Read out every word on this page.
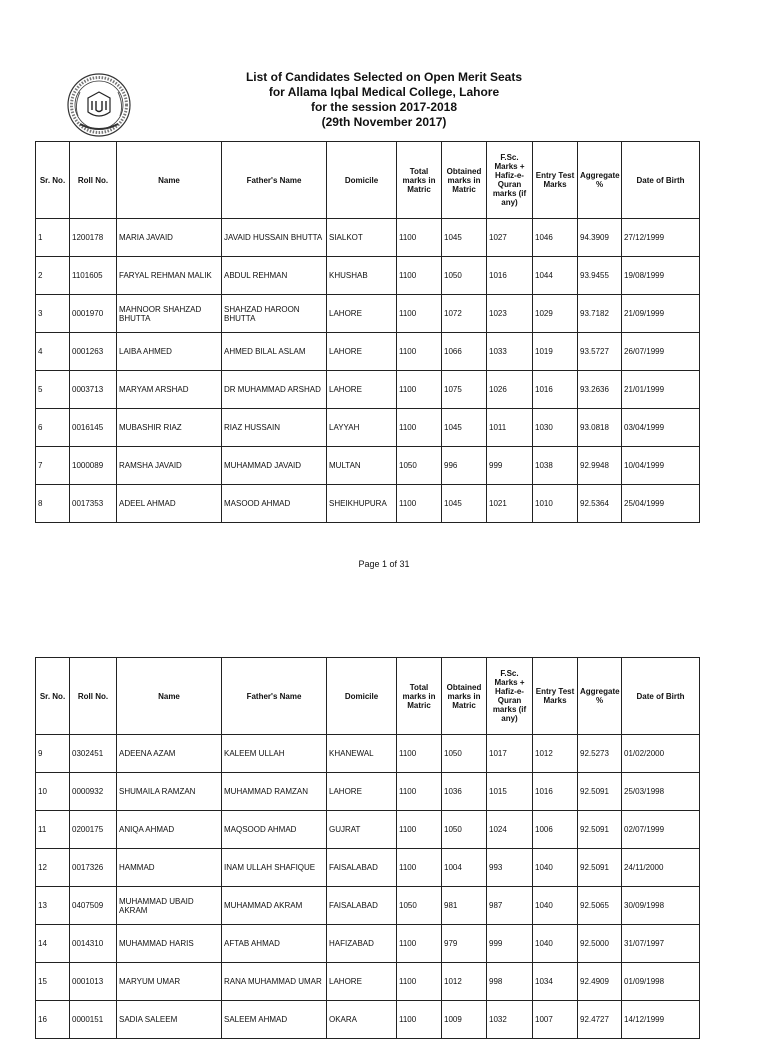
List of Candidates Selected on Open Merit Seats
for Allama Iqbal Medical College, Lahore
for the session 2017-2018
(29th November 2017)
Sr. No.	Roll No.	Name	Father's Name	Domicile	Total marks in Matric	Obtained marks in Matric	F.Sc. Marks + Hafiz-e-Quran marks (if any)	Entry Test Marks	Aggregate %	Date of Birth
1	1200178	MARIA JAVAID	JAVAID HUSSAIN BHUTTA	SIALKOT	1100	1045	1027	1046	94.3909	27/12/1999
2	1101605	FARYAL REHMAN MALIK	ABDUL REHMAN	KHUSHAB	1100	1050	1016	1044	93.9455	19/08/1999
3	0001970	MAHNOOR SHAHZAD BHUTTA	SHAHZAD HAROON BHUTTA	LAHORE	1100	1072	1023	1029	93.7182	21/09/1999
4	0001263	LAIBA AHMED	AHMED BILAL ASLAM	LAHORE	1100	1066	1033	1019	93.5727	26/07/1999
5	0003713	MARYAM ARSHAD	DR MUHAMMAD ARSHAD	LAHORE	1100	1075	1026	1016	93.2636	21/01/1999
6	0016145	MUBASHIR RIAZ	RIAZ HUSSAIN	LAYYAH	1100	1045	1011	1030	93.0818	03/04/1999
7	1000089	RAMSHA JAVAID	MUHAMMAD JAVAID	MULTAN	1050	996	999	1038	92.9948	10/04/1999
8	0017353	ADEEL AHMAD	MASOOD AHMAD	SHEIKHUPURA	1100	1045	1021	1010	92.5364	25/04/1999
Page 1 of 31
Sr. No.	Roll No.	Name	Father's Name	Domicile	Total marks in Matric	Obtained marks in Matric	F.Sc. Marks + Hafiz-e-Quran marks (if any)	Entry Test Marks	Aggregate %	Date of Birth
9	0302451	ADEENA AZAM	KALEEM ULLAH	KHANEWAL	1100	1050	1017	1012	92.5273	01/02/2000
10	0000932	SHUMAILA RAMZAN	MUHAMMAD RAMZAN	LAHORE	1100	1036	1015	1016	92.5091	25/03/1998
11	0200175	ANIQA AHMAD	MAQSOOD AHMAD	GUJRAT	1100	1050	1024	1006	92.5091	02/07/1999
12	0017326	HAMMAD	INAM ULLAH SHAFIQUE	FAISALABAD	1100	1004	993	1040	92.5091	24/11/2000
13	0407509	MUHAMMAD UBAID AKRAM	MUHAMMAD AKRAM	FAISALABAD	1050	981	987	1040	92.5065	30/09/1998
14	0014310	MUHAMMAD HARIS	AFTAB AHMAD	HAFIZABAD	1100	979	999	1040	92.5000	31/07/1997
15	0001013	MARYUM UMAR	RANA MUHAMMAD UMAR	LAHORE	1100	1012	998	1034	92.4909	01/09/1998
16	0000151	SADIA SALEEM	SALEEM AHMAD	OKARA	1100	1009	1032	1007	92.4727	14/12/1999
